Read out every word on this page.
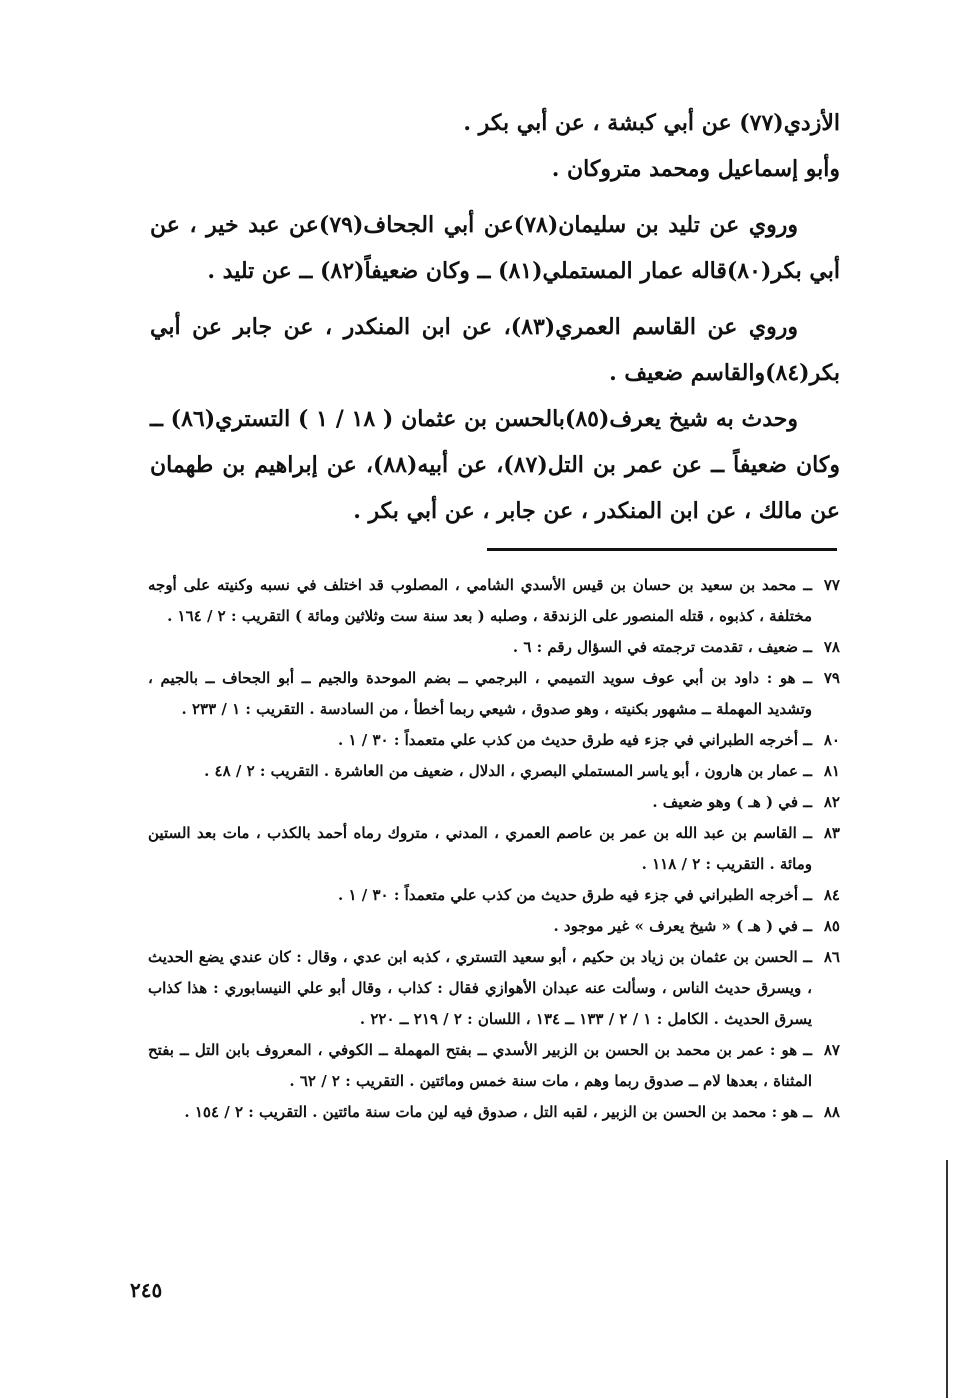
الأزدي(٧٧) عن أبي كبشة ، عن أبي بكر .

وأبو إسماعيل ومحمد متروكان .

وروي عن تليد بن سليمان(٧٨)عن أبي الجحاف(٧٩)عن عبد خير ، عن أبي بكر(٨٠)قاله عمار المستملي(٨١) ــ وكان ضعيفاً(٨٢) ــ عن تليد .

وروي عن القاسم العمري(٨٣)، عن ابن المنكدر ، عن جابر عن أبي بكر(٨٤)والقاسم ضعيف .

وحدث به شيخ يعرف(٨٥)بالحسن بن عثمان ( ١٨ / ١ ) التستري(٨٦) ــ وكان ضعيفاً ــ عن عمر بن التل(٨٧)، عن أبيه(٨٨)، عن إبراهيم بن طهمان عن مالك ، عن ابن المنكدر ، عن جابر ، عن أبي بكر .

٧٧
ــ محمد بن سعيد بن حسان بن قيس الأسدي الشامي ، المصلوب قد اختلف في نسبه وكنيته على أوجه مختلفة ، كذبوه ، قتله المنصور على الزندقة ، وصلبه ( بعد سنة ست وثلاثين ومائة ) التقريب : ٢ / ١٦٤ .
٧٨
ــ ضعيف ، تقدمت ترجمته في السؤال رقم : ٦ .
٧٩
ــ هو : داود بن أبي عوف سويد التميمي ، البرجمي ــ بضم الموحدة والجيم ــ أبو الجحاف ــ بالجيم ، وتشديد المهملة ــ مشهور بكنيته ، وهو صدوق ، شيعي ربما أخطأ ، من السادسة . التقريب : ١ / ٢٣٣ .
٨٠
ــ أخرجه الطبراني في جزء فيه طرق حديث من كذب علي متعمداً : ٣٠ / ١ .
٨١
ــ عمار بن هارون ، أبو ياسر المستملي البصري ، الدلال ، ضعيف من العاشرة . التقريب : ٢ / ٤٨ .
٨٢
ــ في ( هـ ) وهو ضعيف .
٨٣
ــ القاسم بن عبد الله بن عمر بن عاصم العمري ، المدني ، متروك رماه أحمد بالكذب ، مات بعد الستين ومائة . التقريب : ٢ / ١١٨ .
٨٤
ــ أخرجه الطبراني في جزء فيه طرق حديث من كذب علي متعمداً : ٣٠ / ١ .
٨٥
ــ في ( هـ ) « شيخ يعرف » غير موجود .
٨٦
ــ الحسن بن عثمان بن زياد بن حكيم ، أبو سعيد التستري ، كذبه ابن عدي ، وقال : كان عندي يضع الحديث ، ويسرق حديث الناس ، وسألت عنه عبدان الأهوازي فقال : كذاب ، وقال أبو علي النيسابوري : هذا كذاب يسرق الحديث . الكامل : ١ / ٢ / ١٣٣ ــ ١٣٤ ، اللسان : ٢ / ٢١٩ ــ ٢٢٠ .
٨٧
ــ هو : عمر بن محمد بن الحسن بن الزبير الأسدي ــ بفتح المهملة ــ الكوفي ، المعروف بابن التل ــ بفتح المثناة ، بعدها لام ــ صدوق ربما وهم ، مات سنة خمس ومائتين . التقريب : ٢ / ٦٢ .
٨٨
ــ هو : محمد بن الحسن بن الزبير ، لقبه التل ، صدوق فيه لين مات سنة مائتين . التقريب : ٢ / ١٥٤ .
٢٤٥
